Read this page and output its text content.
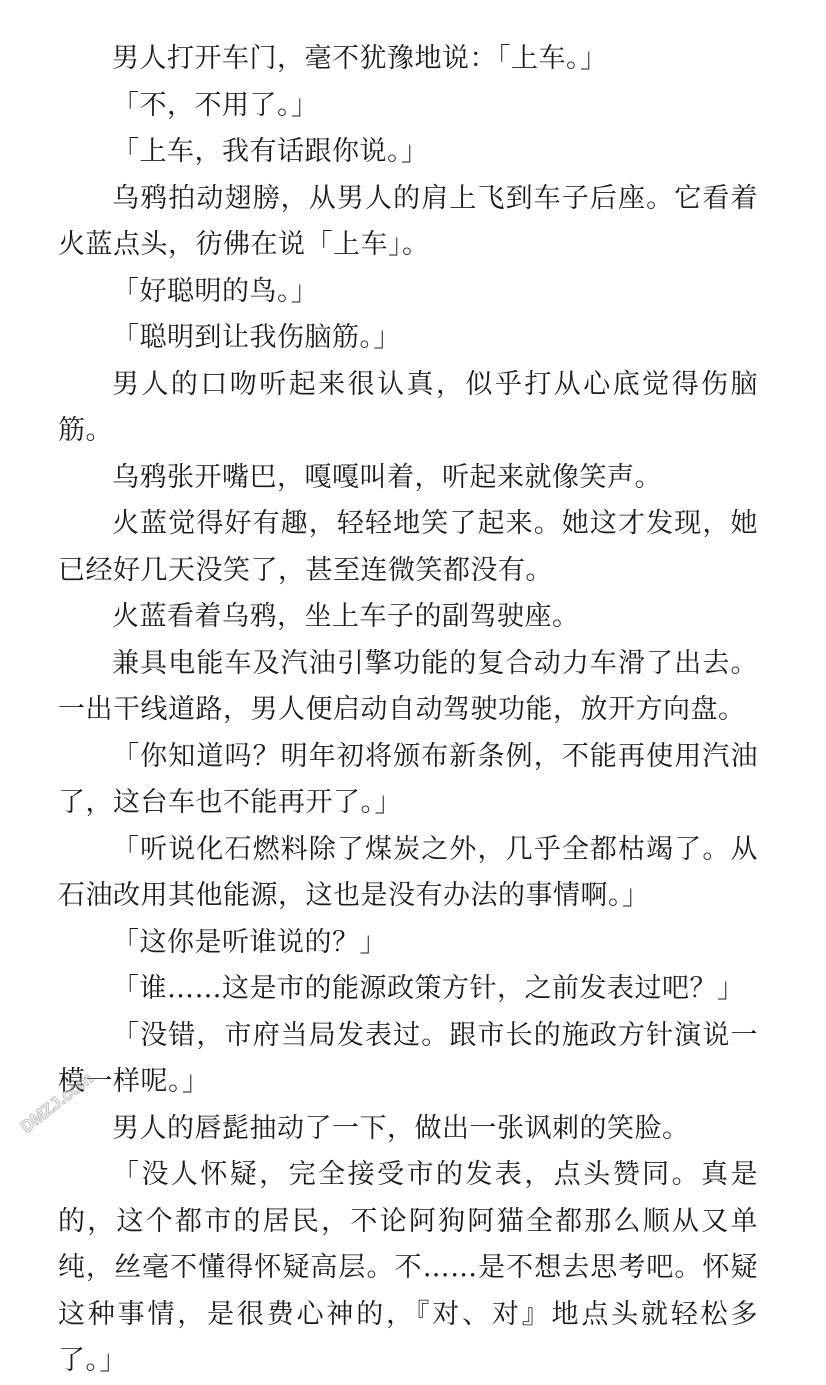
男人打开车门，毫不犹豫地说：「上车。」

「不，不用了。」

「上车，我有话跟你说。」

乌鸦拍动翅膀，从男人的肩上飞到车子后座。它看着火蓝点头，彷佛在说「上车」。

「好聪明的鸟。」

「聪明到让我伤脑筋。」

男人的口吻听起来很认真，似乎打从心底觉得伤脑筋。

乌鸦张开嘴巴，嘎嘎叫着，听起来就像笑声。

火蓝觉得好有趣，轻轻地笑了起来。她这才发现，她已经好几天没笑了，甚至连微笑都没有。

火蓝看着乌鸦，坐上车子的副驾驶座。

兼具电能车及汽油引擎功能的复合动力车滑了出去。一出干线道路，男人便启动自动驾驶功能，放开方向盘。

「你知道吗？明年初将颁布新条例，不能再使用汽油了，这台车也不能再开了。」

「听说化石燃料除了煤炭之外，几乎全都枯竭了。从石油改用其他能源，这也是没有办法的事情啊。」

「这你是听谁说的？」

「谁……这是市的能源政策方针，之前发表过吧？」

「没错，市府当局发表过。跟市长的施政方针演说一模一样呢。」

男人的唇髭抽动了一下，做出一张讽刺的笑脸。

「没人怀疑，完全接受市的发表，点头赞同。真是的，这个都市的居民，不论阿狗阿猫全都那么顺从又单纯，丝毫不懂得怀疑高层。不……是不想去思考吧。怀疑这种事情，是很费心神的，『对、对』地点头就轻松多了。」

DMZJ.com
